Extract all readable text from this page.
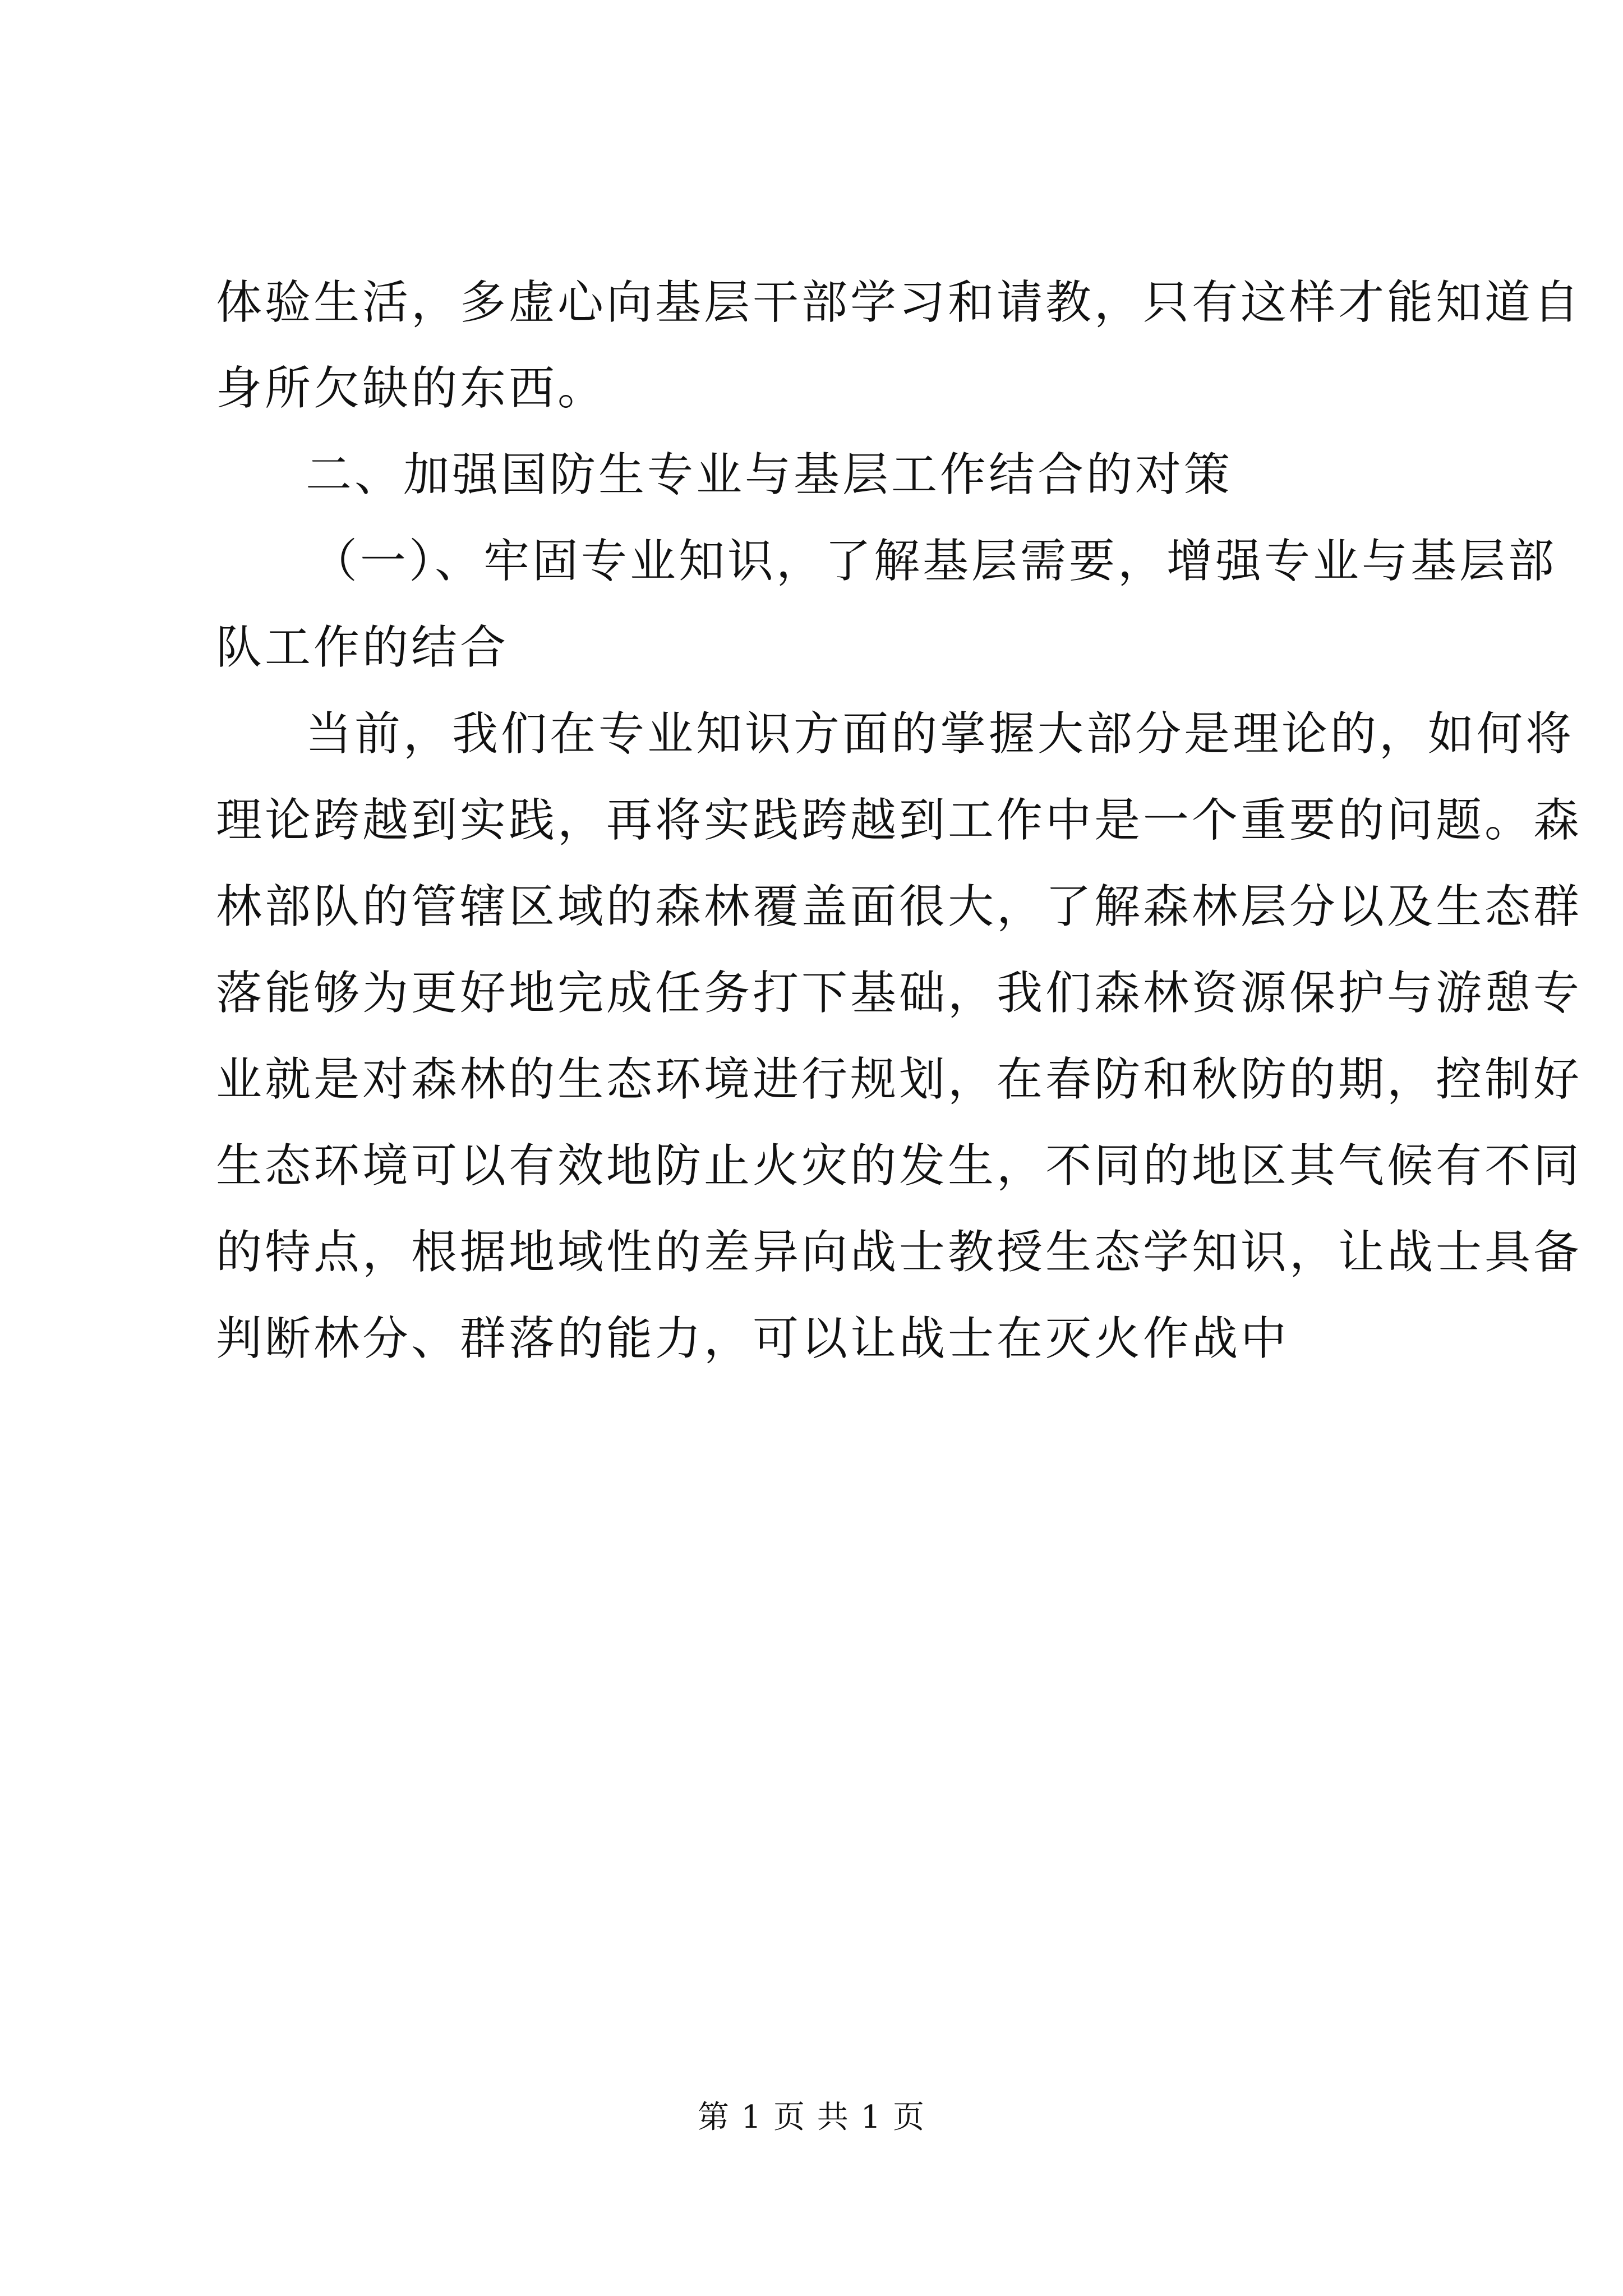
体验生活，多虚心向基层干部学习和请教，只有这样才能知道自
身所欠缺的东西。
二、加强国防生专业与基层工作结合的对策
（一）、牢固专业知识，了解基层需要，增强专业与基层部
队工作的结合
当前，我们在专业知识方面的掌握大部分是理论的，如何将
理论跨越到实践，再将实践跨越到工作中是一个重要的问题。森
林部队的管辖区域的森林覆盖面很大，了解森林层分以及生态群
落能够为更好地完成任务打下基础，我们森林资源保护与游憩专
业就是对森林的生态环境进行规划，在春防和秋防的期，控制好
生态环境可以有效地防止火灾的发生，不同的地区其气候有不同
的特点，根据地域性的差异向战士教授生态学知识，让战士具备
判断林分、群落的能力，可以让战士在灭火作战中
第 1 页 共 1 页
